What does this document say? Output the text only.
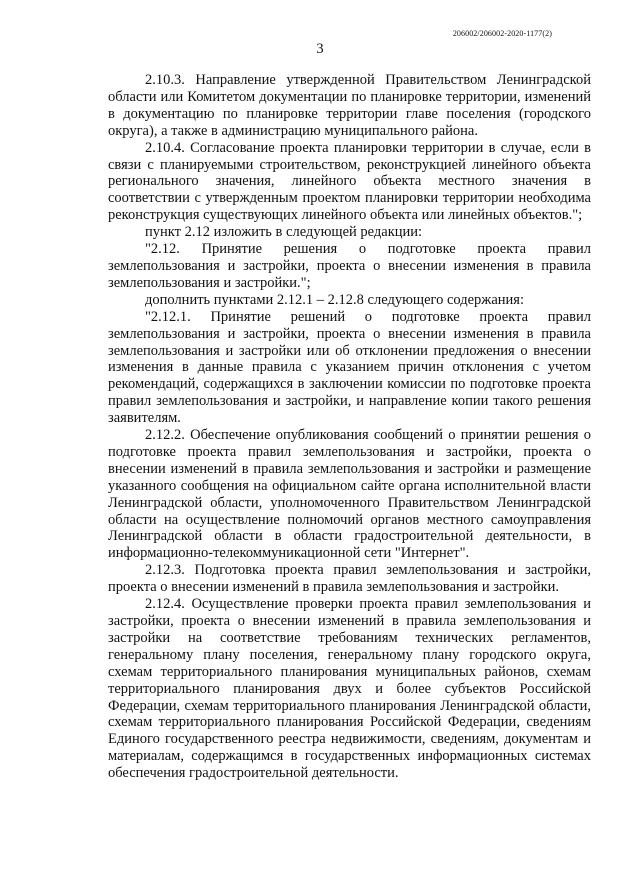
206002/206002-2020-1177(2)
3

2.10.3. Направление утвержденной Правительством Ленинградской области или Комитетом документации по планировке территории, изменений в документацию по планировке территории главе поселения (городского округа), а также в администрацию муниципального района.

2.10.4. Согласование проекта планировки территории в случае, если в связи с планируемыми строительством, реконструкцией линейного объекта регионального значения, линейного объекта местного значения в соответствии с утвержденным проектом планировки территории необходима реконструкция существующих линейного объекта или линейных объектов.";

пункт 2.12 изложить в следующей редакции:

"2.12. Принятие решения о подготовке проекта правил землепользования и застройки, проекта о внесении изменения в правила землепользования и застройки.";

дополнить пунктами 2.12.1 – 2.12.8 следующего содержания:

"2.12.1. Принятие решений о подготовке проекта правил землепользования и застройки, проекта о внесении изменения в правила землепользования и застройки или об отклонении предложения о внесении изменения в данные правила с указанием причин отклонения с учетом рекомендаций, содержащихся в заключении комиссии по подготовке проекта правил землепользования и застройки, и направление копии такого решения заявителям.

2.12.2. Обеспечение опубликования сообщений о принятии решения о подготовке проекта правил землепользования и застройки, проекта о внесении изменений в правила землепользования и застройки и размещение указанного сообщения на официальном сайте органа исполнительной власти Ленинградской области, уполномоченного Правительством Ленинградской области на осуществление полномочий органов местного самоуправления Ленинградской области в области градостроительной деятельности, в информационно-телекоммуникационной сети "Интернет".

2.12.3. Подготовка проекта правил землепользования и застройки, проекта о внесении изменений в правила землепользования и застройки.

2.12.4. Осуществление проверки проекта правил землепользования и застройки, проекта о внесении изменений в правила землепользования и застройки на соответствие требованиям технических регламентов, генеральному плану поселения, генеральному плану городского округа, схемам территориального планирования муниципальных районов, схемам территориального планирования двух и более субъектов Российской Федерации, схемам территориального планирования Ленинградской области, схемам территориального планирования Российской Федерации, сведениям Единого государственного реестра недвижимости, сведениям, документам и материалам, содержащимся в государственных информационных системах обеспечения градостроительной деятельности.
